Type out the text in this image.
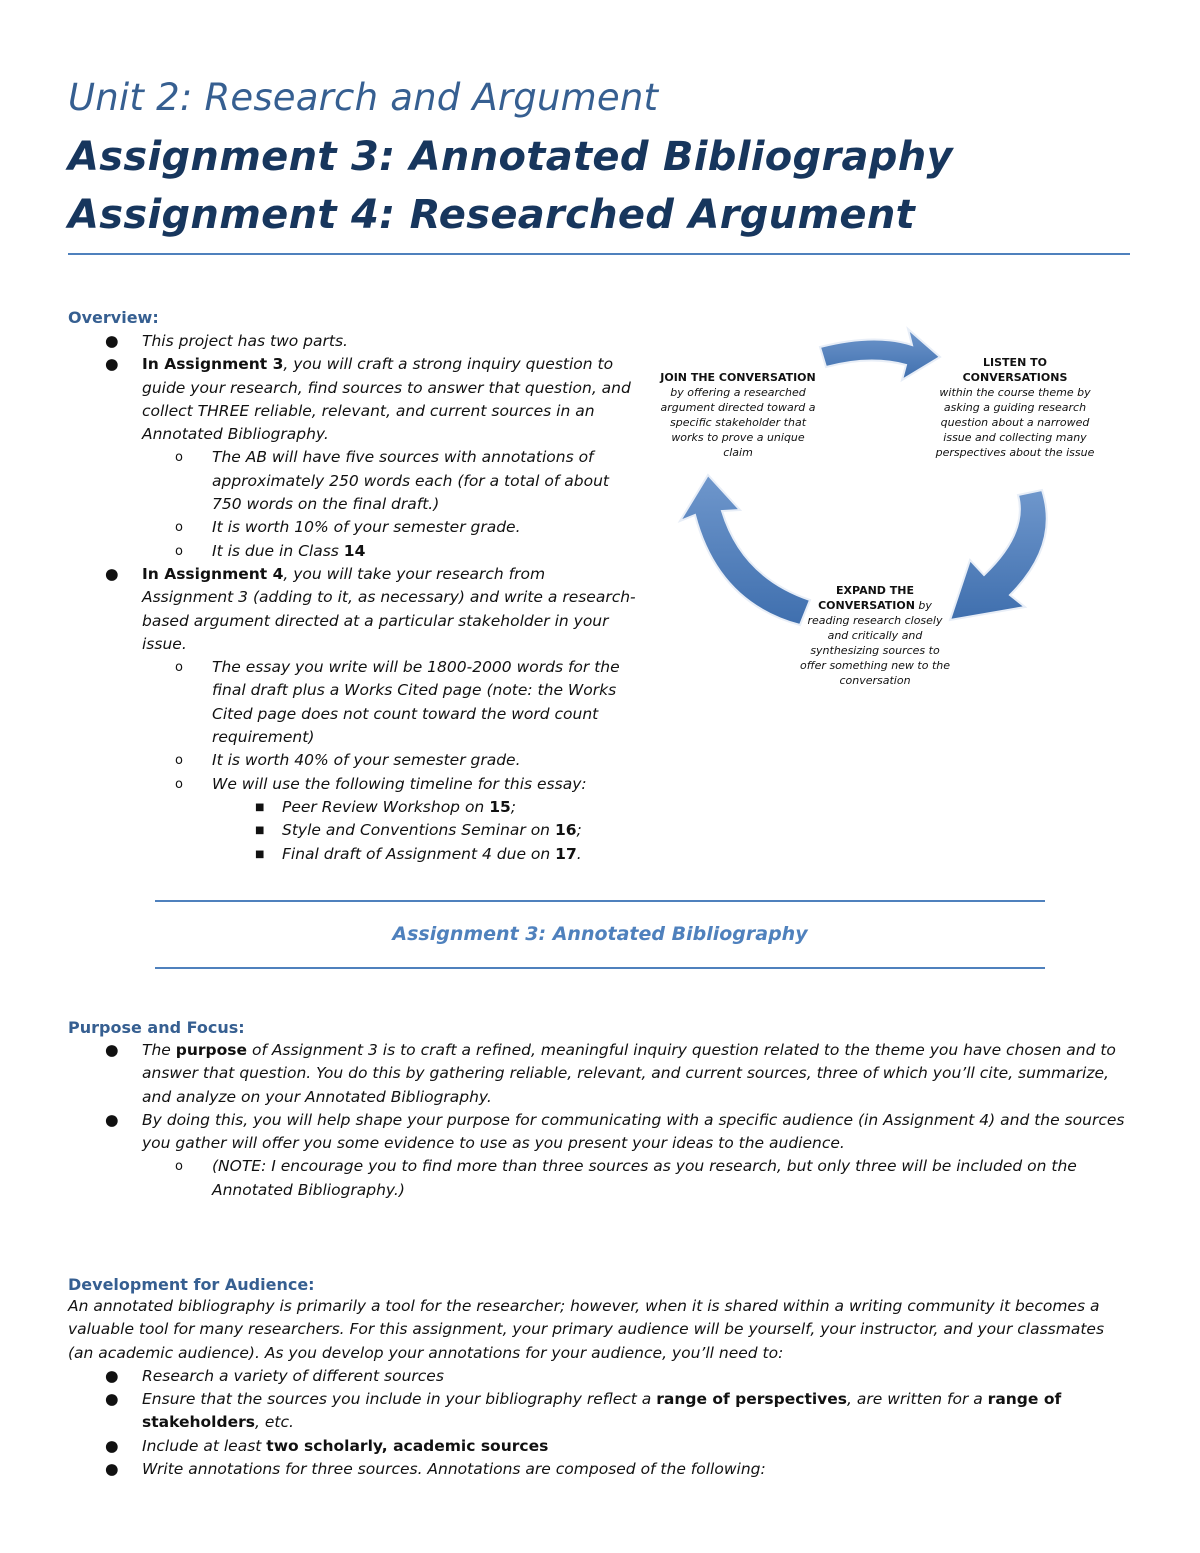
Unit 2: Research and Argument
Assignment 3: Annotated Bibliography
Assignment 4: Researched Argument

Overview:

● This project has two parts.
● In Assignment 3, you will craft a strong inquiry question to guide your research, find sources to answer that question, and collect THREE reliable, relevant, and current sources in an Annotated Bibliography.
o The AB will have five sources with annotations of approximately 250 words each (for a total of about 750 words on the final draft.)
o It is worth 10% of your semester grade.
o It is due in Class 14
● In Assignment 4, you will take your research from Assignment 3 (adding to it, as necessary) and write a research-based argument directed at a particular stakeholder in your issue.
o The essay you write will be 1800-2000 words for the final draft plus a Works Cited page (note: the Works Cited page does not count toward the word count requirement)
o It is worth 40% of your semester grade.
o We will use the following timeline for this essay:
■ Peer Review Workshop on 15;
■ Style and Conventions Seminar on 16;
■ Final draft of Assignment 4 due on 17.
JOIN THE CONVERSATION by offering a researched argument directed toward a specific stakeholder that works to prove a unique claim
LISTEN TO CONVERSATIONS
within the course theme by asking a guiding research question about a narrowed issue and collecting many perspectives about the issue
EXPAND THE CONVERSATION by reading research closely and critically and synthesizing sources to offer something new to the conversation

Assignment 3: Annotated Bibliography

Purpose and Focus:

● The purpose of Assignment 3 is to craft a refined, meaningful inquiry question related to the theme you have chosen and to answer that question. You do this by gathering reliable, relevant, and current sources, three of which you’ll cite, summarize, and analyze on your Annotated Bibliography.
● By doing this, you will help shape your purpose for communicating with a specific audience (in Assignment 4) and the sources you gather will offer you some evidence to use as you present your ideas to the audience.
o (NOTE: I encourage you to find more than three sources as you research, but only three will be included on the Annotated Bibliography.)

Development for Audience:

An annotated bibliography is primarily a tool for the researcher; however, when it is shared within a writing community it becomes a valuable tool for many researchers. For this assignment, your primary audience will be yourself, your instructor, and your classmates (an academic audience). As you develop your annotations for your audience, you’ll need to:

● Research a variety of different sources
● Ensure that the sources you include in your bibliography reflect a range of perspectives, are written for a range of stakeholders, etc.
● Include at least two scholarly, academic sources
● Write annotations for three sources. Annotations are composed of the following:
